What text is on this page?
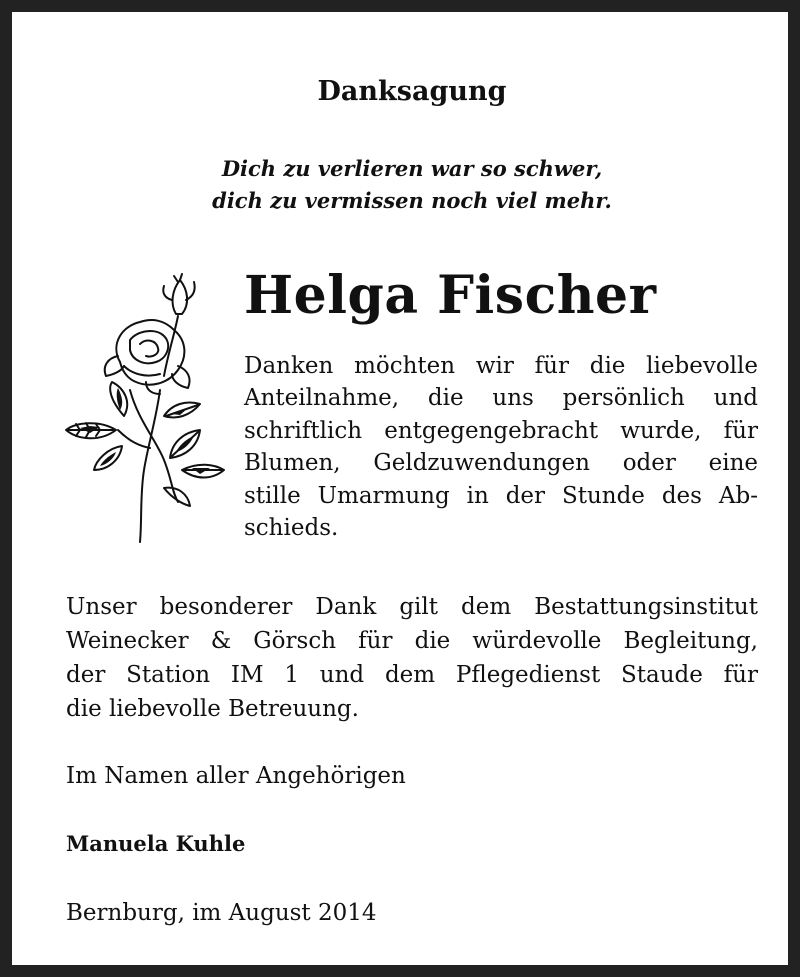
Danksagung
Dich zu verlieren war so schwer,
dich zu vermissen noch viel mehr.
Helga Fischer
Danken möchten wir für die liebevolle
Anteilnahme, die uns persönlich und
schriftlich entgegengebracht wurde, für
Blumen, Geldzuwendungen oder eine
stille Umarmung in der Stunde des Ab-
schieds.
Unser besonderer Dank gilt dem Bestattungsinstitut
Weinecker & Görsch für die würdevolle Begleitung,
der Station IM 1 und dem Pflegedienst Staude für
die liebevolle Betreuung.
Im Namen aller Angehörigen
Manuela Kuhle
Bernburg, im August 2014
